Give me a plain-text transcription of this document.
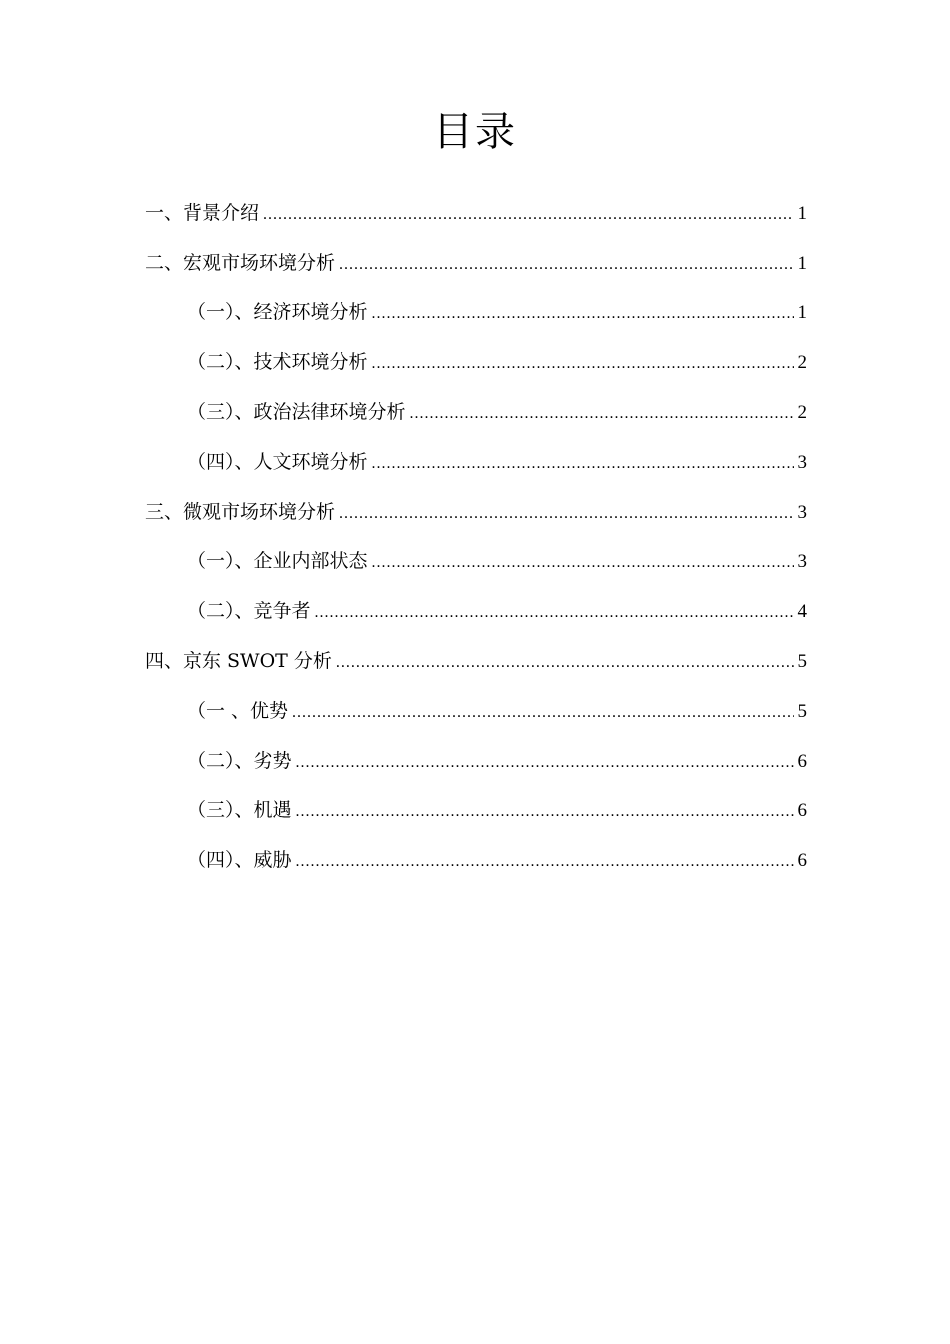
目录
一、背景介绍 .....	1
二、宏观市场环境分析 .....	1
（一）、经济环境分析 .....	1
（二）、技术环境分析 .....	2
（三）、政治法律环境分析 .....	2
（四）、人文环境分析 .....	3
三、微观市场环境分析 .....	3
（一）、企业内部状态 .....	3
（二）、竞争者 .....	4
四、京东 SWOT 分析 .....	5
（一 、优势 .....	5
（二）、劣势 .....	6
（三）、机遇 .....	6
（四）、威胁 .....	6
